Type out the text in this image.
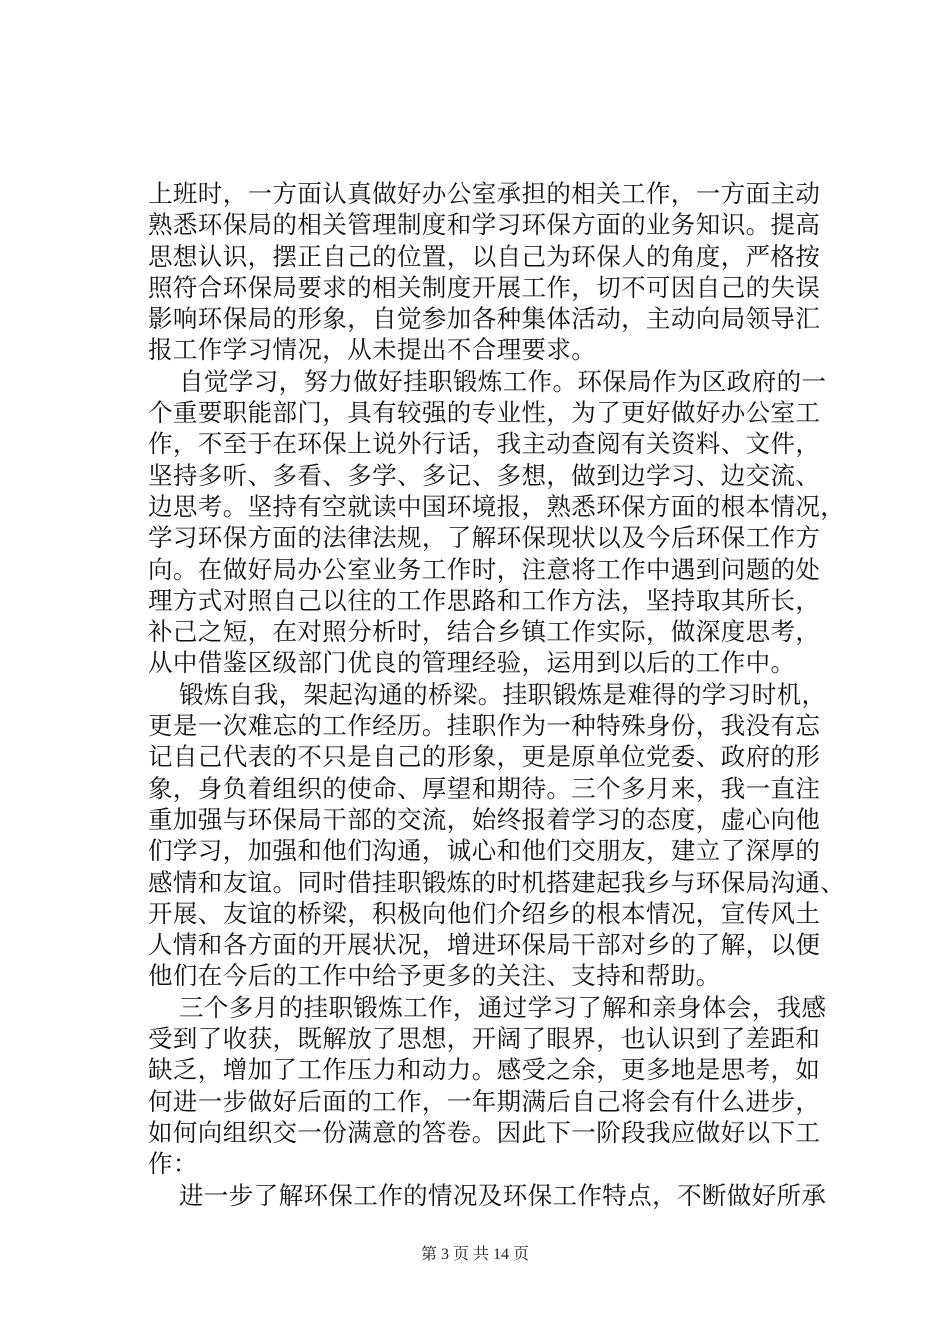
上班时，一方面认真做好办公室承担的相关工作，一方面主动
熟悉环保局的相关管理制度和学习环保方面的业务知识。提高
思想认识，摆正自己的位置，以自己为环保人的角度，严格按
照符合环保局要求的相关制度开展工作，切不可因自己的失误
影响环保局的形象，自觉参加各种集体活动，主动向局领导汇
报工作学习情况，从未提出不合理要求。
自觉学习，努力做好挂职锻炼工作。环保局作为区政府的一
个重要职能部门，具有较强的专业性，为了更好做好办公室工
作，不至于在环保上说外行话，我主动查阅有关资料、文件，
坚持多听、多看、多学、多记、多想，做到边学习、边交流、
边思考。坚持有空就读中国环境报，熟悉环保方面的根本情况，
学习环保方面的法律法规，了解环保现状以及今后环保工作方
向。在做好局办公室业务工作时，注意将工作中遇到问题的处
理方式对照自己以往的工作思路和工作方法，坚持取其所长，
补己之短，在对照分析时，结合乡镇工作实际，做深度思考，
从中借鉴区级部门优良的管理经验，运用到以后的工作中。
锻炼自我，架起沟通的桥梁。挂职锻炼是难得的学习时机，
更是一次难忘的工作经历。挂职作为一种特殊身份，我没有忘
记自己代表的不只是自己的形象，更是原单位党委、政府的形
象，身负着组织的使命、厚望和期待。三个多月来，我一直注
重加强与环保局干部的交流，始终报着学习的态度，虚心向他
们学习，加强和他们沟通，诚心和他们交朋友，建立了深厚的
感情和友谊。同时借挂职锻炼的时机搭建起我乡与环保局沟通、
开展、友谊的桥梁，积极向他们介绍乡的根本情况，宣传风土
人情和各方面的开展状况，增进环保局干部对乡的了解，以便
他们在今后的工作中给予更多的关注、支持和帮助。
三个多月的挂职锻炼工作，通过学习了解和亲身体会，我感
受到了收获，既解放了思想，开阔了眼界，也认识到了差距和
缺乏，增加了工作压力和动力。感受之余，更多地是思考，如
何进一步做好后面的工作，一年期满后自己将会有什么进步，
如何向组织交一份满意的答卷。因此下一阶段我应做好以下工
作：
进一步了解环保工作的情况及环保工作特点，不断做好所承
第 3 页 共 14 页
